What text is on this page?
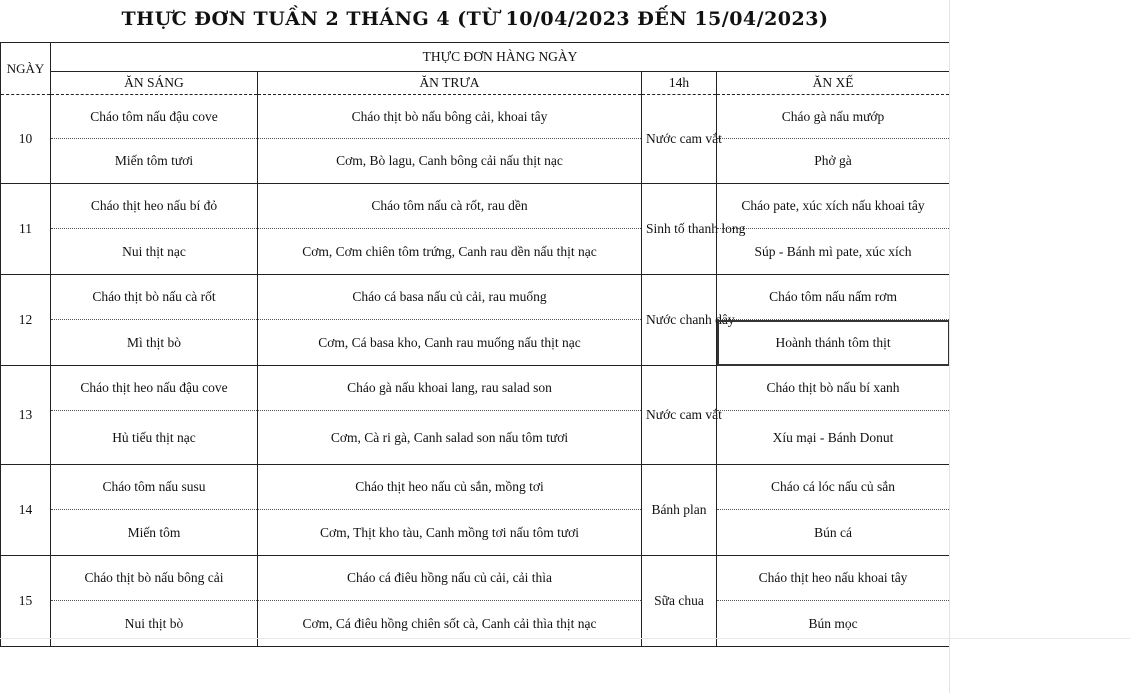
THỰC ĐƠN TUẦN 2 THÁNG 4 (TỪ 10/04/2023 ĐẾN 15/04/2023)
NGÀY	THỰC ĐƠN HÀNG NGÀY			
	ĂN SÁNG	ĂN TRƯA	14h	ĂN XẾ
10	Cháo tôm nấu đậu cove	Cháo thịt bò nấu bông cải, khoai tây	Nước cam vắt	Cháo gà nấu mướp
	Miến tôm tươi	Cơm, Bò lagu, Canh bông cải nấu thịt nạc		Phở gà
11	Cháo thịt heo nấu bí đỏ	Cháo tôm nấu cà rốt, rau dền	Sinh tố thanh long	Cháo pate, xúc xích nấu khoai tây
	Nui thịt nạc	Cơm, Cơm chiên tôm trứng, Canh rau dền nấu thịt nạc		Súp - Bánh mì pate, xúc xích
12	Cháo thịt bò nấu cà rốt	Cháo cá basa nấu củ cải, rau muống	Nước chanh dây	Cháo tôm nấu nấm rơm
	Mì thịt bò	Cơm, Cá basa kho, Canh rau muống nấu thịt nạc		Hoành thánh tôm thịt
13	Cháo thịt heo nấu đậu cove	Cháo gà nấu khoai lang, rau salad son	Nước cam vắt	Cháo thịt bò nấu bí xanh
	Hủ tiếu thịt nạc	Cơm, Cà ri gà, Canh salad son nấu tôm tươi		Xíu mại - Bánh Donut
14	Cháo tôm nấu susu	Cháo thịt heo nấu củ sắn, mồng tơi	Bánh plan	Cháo cá lóc nấu củ sắn
	Miến tôm	Cơm, Thịt kho tàu, Canh mồng tơi nấu tôm tươi		Bún cá
15	Cháo thịt bò nấu bông cải	Cháo cá điêu hồng nấu củ cải, cải thìa	Sữa chua	Cháo thịt heo nấu khoai tây
	Nui thịt bò	Cơm, Cá điêu hồng chiên sốt cà, Canh cải thìa thịt nạc		Bún mọc
